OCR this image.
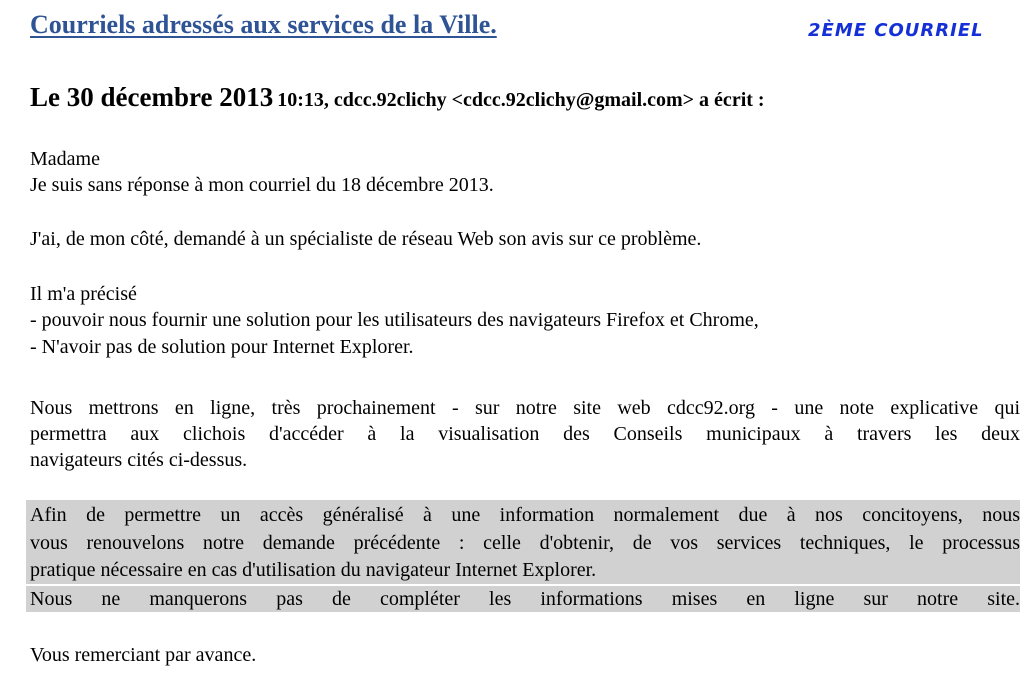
Courriels adressés aux services de la Ville.	2ÈME COURRIEL
Le 30 décembre 2013 10:13, cdcc.92clichy <cdcc.92clichy@gmail.com> a écrit :
Madame
Je suis sans réponse à mon courriel du 18 décembre 2013.
J'ai, de mon côté, demandé à un spécialiste de réseau Web son avis sur ce problème.
Il m'a précisé
- pouvoir nous fournir une solution pour les utilisateurs des navigateurs Firefox et Chrome,
- N'avoir pas de solution pour Internet Explorer.
Nous mettrons en ligne, très prochainement - sur notre site web cdcc92.org - une note explicative qui
permettra aux clichois d'accéder à la visualisation des Conseils municipaux à travers les deux
navigateurs cités ci-dessus.
Afin de permettre un accès généralisé à une information normalement due à nos concitoyens, nous
vous renouvelons notre demande précédente : celle d'obtenir, de vos services techniques, le processus
pratique nécessaire en cas d'utilisation du navigateur Internet Explorer.
Nous ne manquerons pas de compléter les informations mises en ligne sur notre site.
Vous remerciant par avance.
